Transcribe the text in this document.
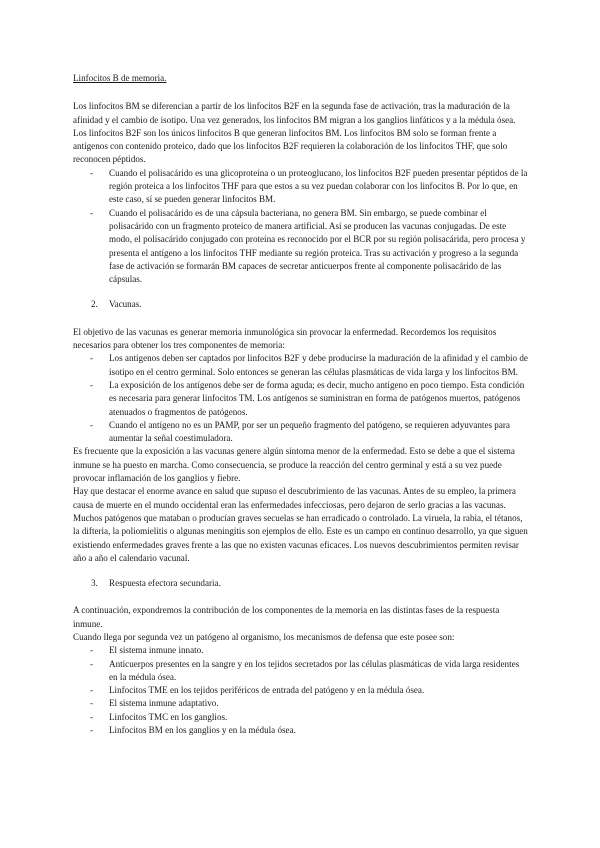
Linfocitos B de memoria.

Los linfocitos BM se diferencian a partir de los linfocitos B2F en la segunda fase de activación, tras la maduración de la afinidad y el cambio de isotipo. Una vez generados, los linfocitos BM migran a los ganglios linfáticos y a la médula ósea.

Los linfocitos B2F son los únicos linfocitos B que generan linfocitos BM. Los linfocitos BM solo se forman frente a antígenos con contenido proteico, dado que los linfocitos B2F requieren la colaboración de los linfocitos THF, que solo reconocen péptidos.

- Cuando el polisacárido es una glicoproteína o un proteoglucano, los linfocitos B2F pueden presentar péptidos de la región proteica a los linfocitos THF para que estos a su vez puedan colaborar con los linfocitos B. Por lo que, en este caso, sí se pueden generar linfocitos BM.
- Cuando el polisacárido es de una cápsula bacteriana, no genera BM. Sin embargo, se puede combinar el polisacárido con un fragmento proteico de manera artificial. Así se producen las vacunas conjugadas. De este modo, el polisacárido conjugado con proteína es reconocido por el BCR por su región polisacárida, pero procesa y presenta el antígeno a los linfocitos THF mediante su región proteica. Tras su activación y progreso a la segunda fase de activación se formarán BM capaces de secretar anticuerpos frente al componente polisacárido de las cápsulas.

2. Vacunas.

El objetivo de las vacunas es generar memoria inmunológica sin provocar la enfermedad. Recordemos los requisitos necesarios para obtener los tres componentes de memoria:

- Los antígenos deben ser captados por linfocitos B2F y debe producirse la maduración de la afinidad y el cambio de isotipo en el centro germinal. Solo entonces se generan las células plasmáticas de vida larga y los linfocitos BM.
- La exposición de los antígenos debe ser de forma aguda; es decir, mucho antígeno en poco tiempo. Esta condición es necesaria para generar linfocitos TM. Los antígenos se suministran en forma de patógenos muertos, patógenos atenuados o fragmentos de patógenos.
- Cuando el antígeno no es un PAMP, por ser un pequeño fragmento del patógeno, se requieren adyuvantes para aumentar la señal coestimuladora.

Es frecuente que la exposición a las vacunas genere algún síntoma menor de la enfermedad. Esto se debe a que el sistema inmune se ha puesto en marcha. Como consecuencia, se produce la reacción del centro germinal y está a su vez puede provocar inflamación de los ganglios y fiebre.

Hay que destacar el enorme avance en salud que supuso el descubrimiento de las vacunas. Antes de su empleo, la primera causa de muerte en el mundo occidental eran las enfermedades infecciosas, pero dejaron de serlo gracias a las vacunas. Muchos patógenos que mataban o producían graves secuelas se han erradicado o controlado. La viruela, la rabia, el tétanos, la difteria, la poliomielitis o algunas meningitis son ejemplos de ello. Este es un campo en continuo desarrollo, ya que siguen existiendo enfermedades graves frente a las que no existen vacunas eficaces. Los nuevos descubrimientos permiten revisar año a año el calendario vacunal.

3. Respuesta efectora secundaria.

A continuación, expondremos la contribución de los componentes de la memoria en las distintas fases de la respuesta inmune.

Cuando llega por segunda vez un patógeno al organismo, los mecanismos de defensa que este posee son:

- El sistema inmune innato.
- Anticuerpos presentes en la sangre y en los tejidos secretados por las células plasmáticas de vida larga residentes en la médula ósea.
- Linfocitos TME en los tejidos periféricos de entrada del patógeno y en la médula ósea.
- El sistema inmune adaptativo.
- Linfocitos TMC en los ganglios.
- Linfocitos BM en los ganglios y en la médula ósea.
